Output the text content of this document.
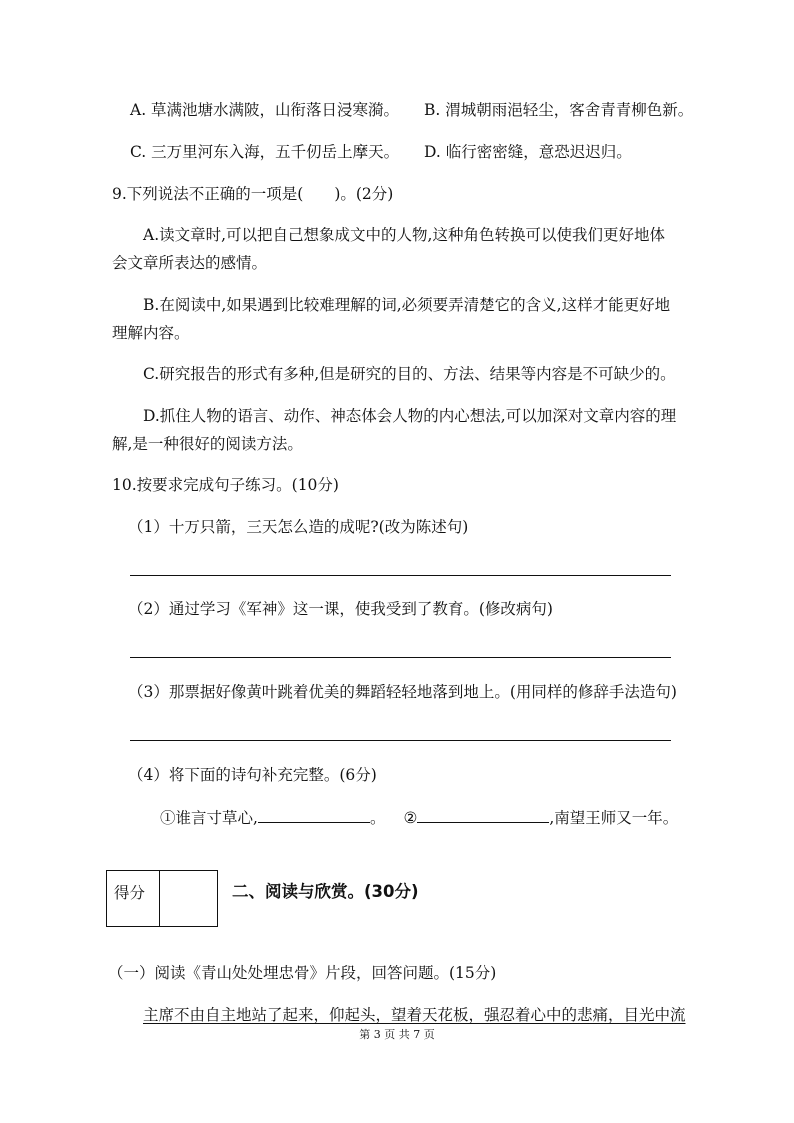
A. 草满池塘水满陂，山衔落日浸寒漪。 B. 渭城朝雨浥轻尘，客舍青青柳色新。
C. 三万里河东入海，五千仞岳上摩天。 D. 临行密密缝，意恐迟迟归。
9.下列说法不正确的一项是(　　)。(2分)
A.读文章时,可以把自己想象成文中的人物,这种角色转换可以使我们更好地体
会文章所表达的感情。
B.在阅读中,如果遇到比较难理解的词,必须要弄清楚它的含义,这样才能更好地
理解内容。
C.研究报告的形式有多种,但是研究的目的、方法、结果等内容是不可缺少的。
D.抓住人物的语言、动作、神态体会人物的内心想法,可以加深对文章内容的理
解,是一种很好的阅读方法。
10.按要求完成句子练习。(10分)
（1）十万只箭，三天怎么造的成呢?(改为陈述句)
（2）通过学习《军神》这一课，使我受到了教育。(修改病句)
（3）那票据好像黄叶跳着优美的舞蹈轻轻地落到地上。(用同样的修辞手法造句)
（4）将下面的诗句补充完整。(6分)
①谁言寸草心,	。 ②	,南望王师又一年。
得分	二、阅读与欣赏。(30分)
（一）阅读《青山处处埋忠骨》片段，回答问题。(15分)
主席不由自主地站了起来，仰起头，望着天花板，强忍着心中的悲痛，目光中流
第 3 页 共 7 页
